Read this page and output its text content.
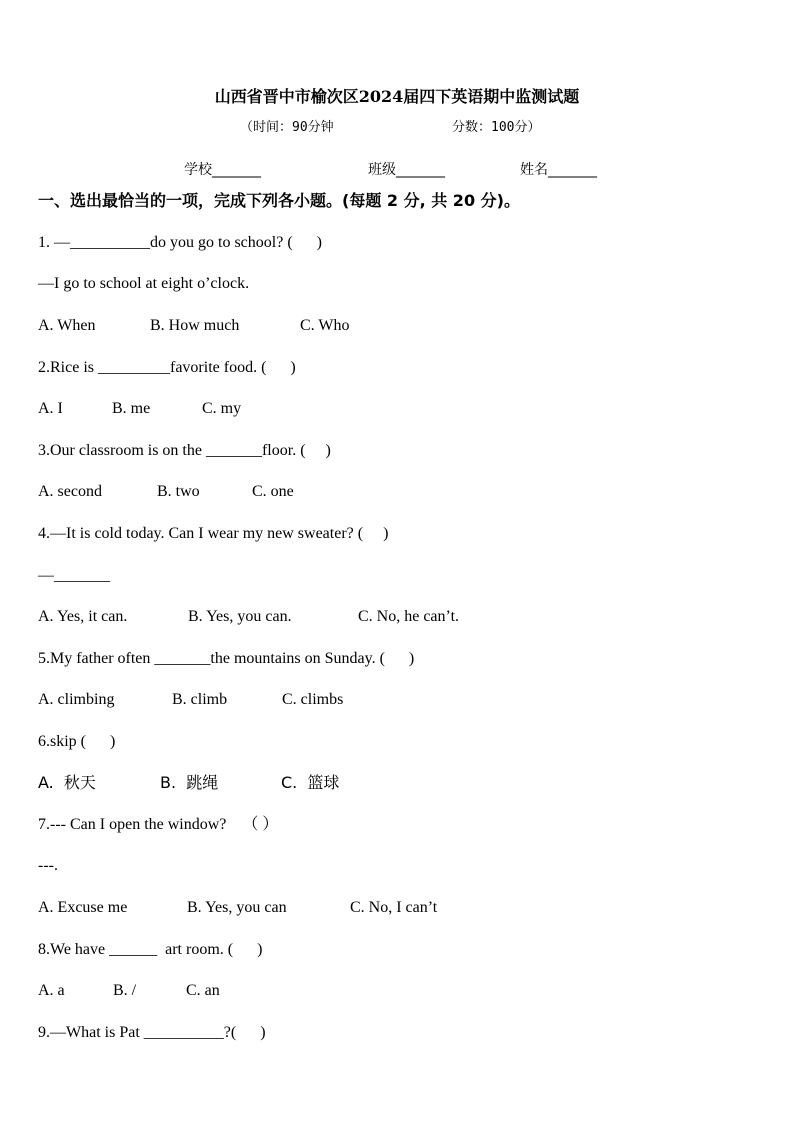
山西省晋中市榆次区2024届四下英语期中监测试题
（时间：90分钟	分数：100分）
学校_______	班级_______	姓名_______
一、选出最恰当的一项，完成下列各小题。(每题 2 分, 共 20 分)。
1. —__________do you go to school? (      )
—I go to school at eight o’clock.
A. When	B. How much	C. Who
2.Rice is _________favorite food. (      )
A. I	B. me	C. my
3.Our classroom is on the _______floor. (     )
A. second	B. two	C. one
4.—It is cold today. Can I wear my new sweater? (     )
—_______
A. Yes, it can.	B. Yes, you can.	C. No, he can’t.
5.My father often _______the mountains on Sunday. (      )
A. climbing	B. climb	C. climbs
6.skip (      )
A.  秋天	B.  跳绳	C.  篮球
7.--- Can I open the window?    （ ）
---.
A. Excuse me	B. Yes, you can	C. No, I can’t
8.We have ______  art room. (      )
A. a	B. /	C. an
9.—What is Pat __________?(      )
